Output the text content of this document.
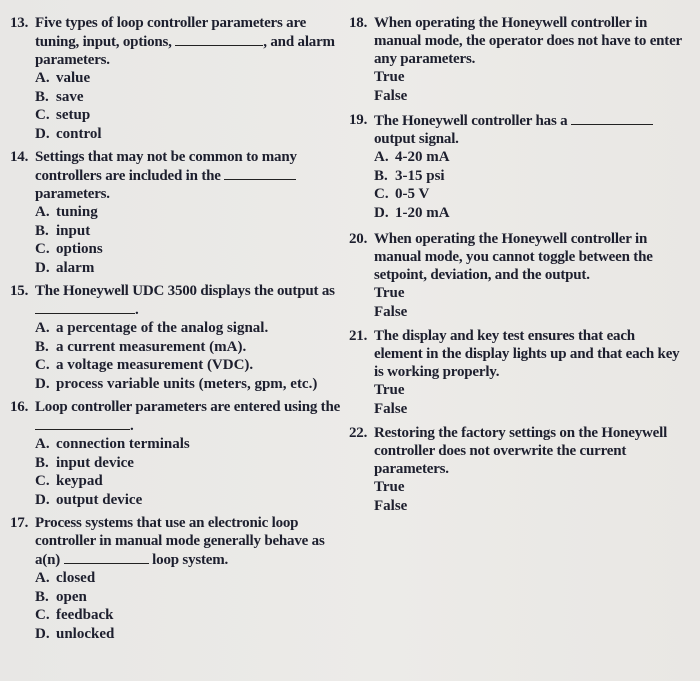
13. Five types of loop controller parameters are tuning, input, options,	, and alarm parameters.
A. value
B. save
C. setup
D. control
14. Settings that may not be common to many controllers are included in the  parameters.
A. tuning
B. input
C. options
D. alarm
15. The Honeywell UDC 3500 displays the output as .
A. a percentage of the analog signal.
B. a current measurement (mA).
C. a voltage measurement (VDC).
D. process variable units (meters, gpm, etc.)
16. Loop controller parameters are entered using the .
A. connection terminals
B. input device
C. keypad
D. output device
17. Process systems that use an electronic loop controller in manual mode generally behave as a(n)	loop system.
A. closed
B. open
C. feedback
D. unlocked
18. When operating the Honeywell controller in manual mode, the operator does not have to enter any parameters.
True
False
19. The Honeywell controller has a  output signal.
A. 4-20 mA
B. 3-15 psi
C. 0-5 V
D. 1-20 mA
20. When operating the Honeywell controller in manual mode, you cannot toggle between the setpoint, deviation, and the output.
True
False
21. The display and key test ensures that each element in the display lights up and that each key is working properly.
True
False
22. Restoring the factory settings on the Honeywell controller does not overwrite the current parameters.
True
False
